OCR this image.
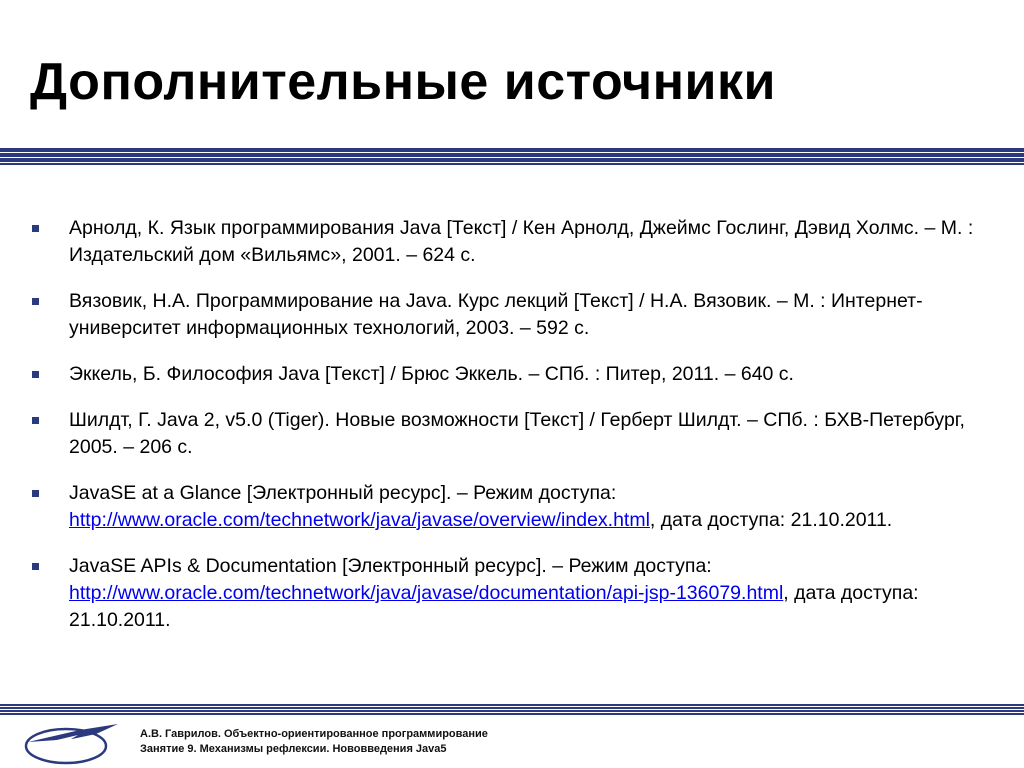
Дополнительные источники
Арнолд, К. Язык программирования Java [Текст] / Кен Арнолд, Джеймс Гослинг, Дэвид Холмс. – М. : Издательский дом «Вильямс», 2001. – 624 с.
Вязовик, Н.А. Программирование на Java. Курс лекций [Текст] / Н.А. Вязовик. – М. : Интернет-университет информационных технологий, 2003. – 592 с.
Эккель, Б. Философия Java [Текст] / Брюс Эккель. – СПб. : Питер, 2011. – 640 с.
Шилдт, Г. Java 2, v5.0 (Tiger). Новые возможности [Текст] / Герберт Шилдт. – СПб. : БХВ-Петербург, 2005. – 206 с.
JavaSE at a Glance [Электронный ресурс]. – Режим доступа: http://www.oracle.com/technetwork/java/javase/overview/index.html, дата доступа: 21.10.2011.
JavaSE APIs & Documentation [Электронный ресурс]. – Режим доступа: http://www.oracle.com/technetwork/java/javase/documentation/api-jsp-136079.html, дата доступа: 21.10.2011.
А.В. Гаврилов. Объектно-ориентированное программирование
Занятие 9. Механизмы рефлексии. Нововведения Java5
